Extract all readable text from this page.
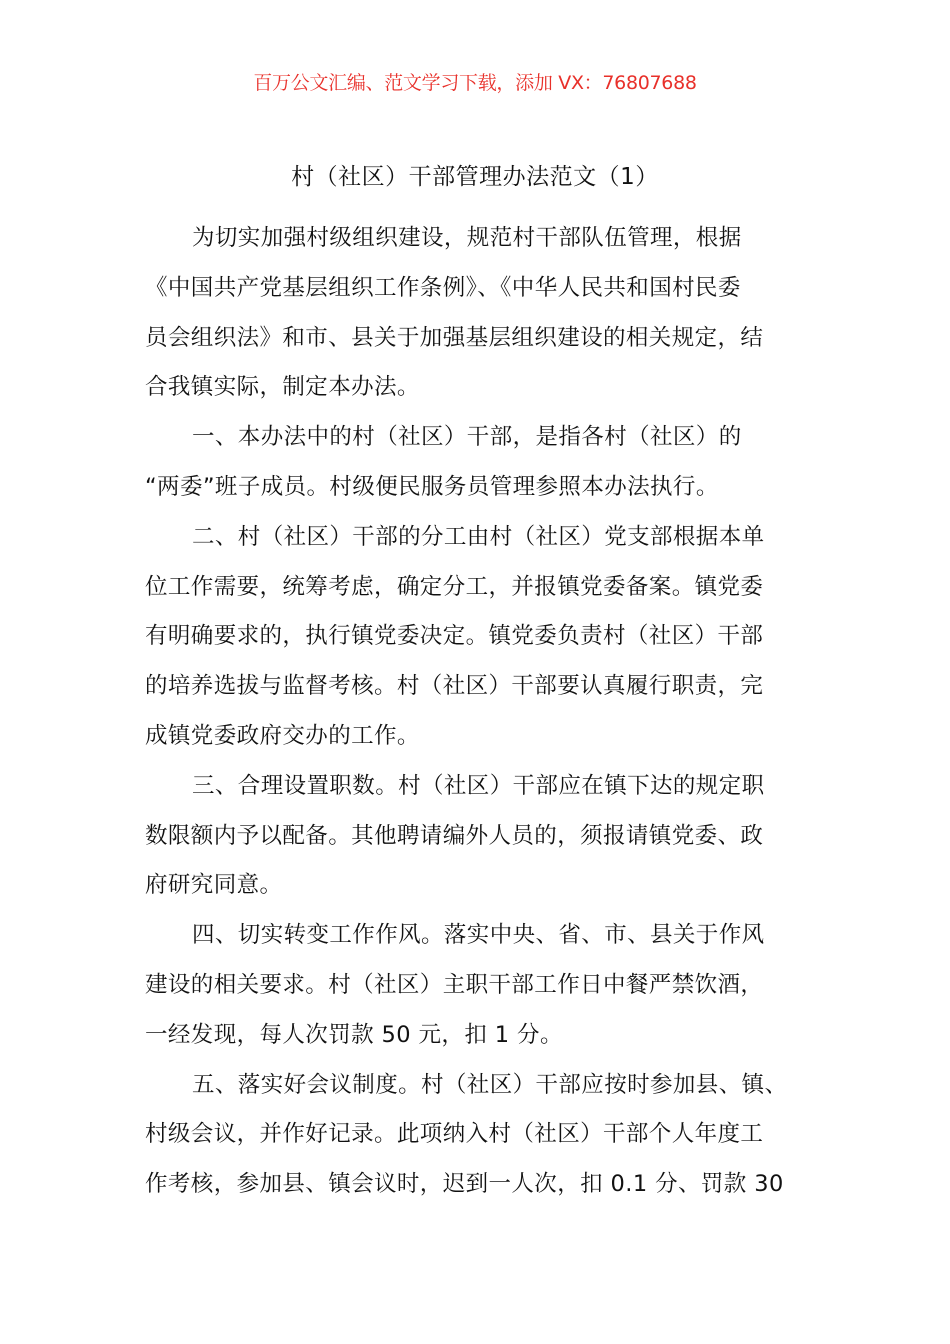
百万公文汇编、范文学习下载，添加 VX：76807688
村（社区）干部管理办法范文（1）
为切实加强村级组织建设，规范村干部队伍管理，根据
《中国共产党基层组织工作条例》、《中华人民共和国村民委
员会组织法》和市、县关于加强基层组织建设的相关规定，结
合我镇实际，制定本办法。
一、本办法中的村（社区）干部，是指各村（社区）的
“两委”班子成员。村级便民服务员管理参照本办法执行。
二、村（社区）干部的分工由村（社区）党支部根据本单
位工作需要，统筹考虑，确定分工，并报镇党委备案。镇党委
有明确要求的，执行镇党委决定。镇党委负责村（社区）干部
的培养选拔与监督考核。村（社区）干部要认真履行职责，完
成镇党委政府交办的工作。
三、合理设置职数。村（社区）干部应在镇下达的规定职
数限额内予以配备。其他聘请编外人员的，须报请镇党委、政
府研究同意。
四、切实转变工作作风。落实中央、省、市、县关于作风
建设的相关要求。村（社区）主职干部工作日中餐严禁饮酒，
一经发现，每人次罚款 50 元，扣 1 分。
五、落实好会议制度。村（社区）干部应按时参加县、镇、
村级会议，并作好记录。此项纳入村（社区）干部个人年度工
作考核，参加县、镇会议时，迟到一人次，扣 0.1 分、罚款 30
